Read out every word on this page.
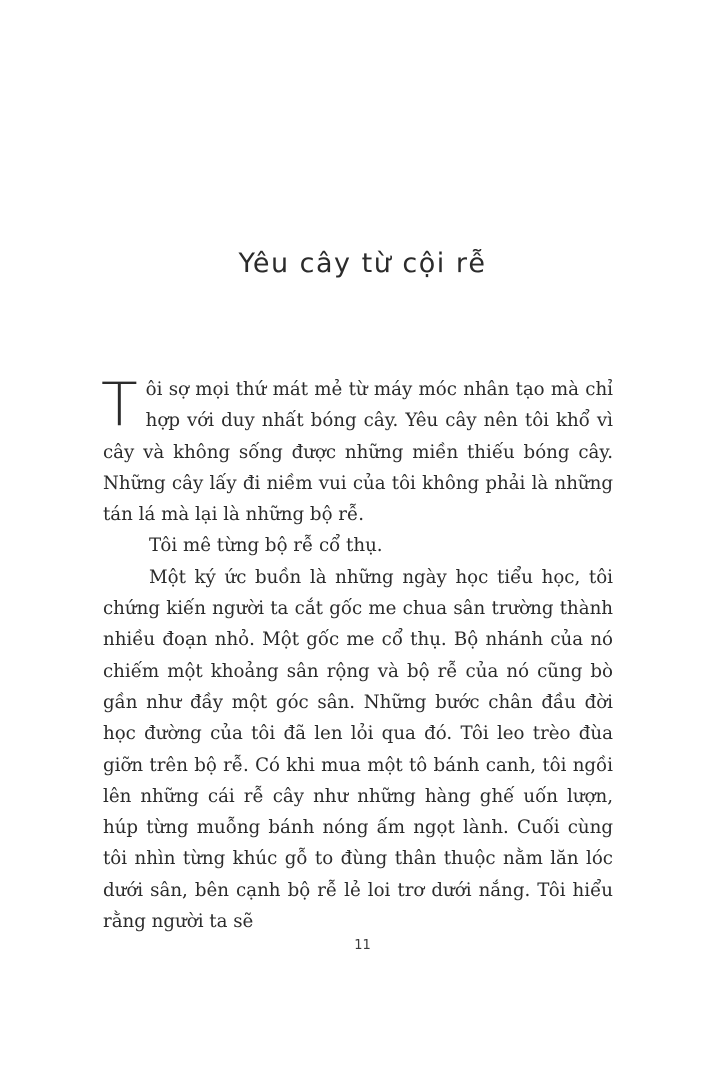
Yêu cây từ cội rễ

Tôi sợ mọi thứ mát mẻ từ máy móc nhân tạo mà chỉ hợp với duy nhất bóng cây. Yêu cây nên tôi khổ vì cây và không sống được những miền thiếu bóng cây. Những cây lấy đi niềm vui của tôi không phải là những tán lá mà lại là những bộ rễ.

Tôi mê từng bộ rễ cổ thụ.

Một ký ức buồn là những ngày học tiểu học, tôi chứng kiến người ta cắt gốc me chua sân trường thành nhiều đoạn nhỏ. Một gốc me cổ thụ. Bộ nhánh của nó chiếm một khoảng sân rộng và bộ rễ của nó cũng bò gần như đầy một góc sân. Những bước chân đầu đời học đường của tôi đã len lỏi qua đó. Tôi leo trèo đùa giỡn trên bộ rễ. Có khi mua một tô bánh canh, tôi ngồi lên những cái rễ cây như những hàng ghế uốn lượn, húp từng muỗng bánh nóng ấm ngọt lành. Cuối cùng tôi nhìn từng khúc gỗ to đùng thân thuộc nằm lăn lóc dưới sân, bên cạnh bộ rễ lẻ loi trơ dưới nắng. Tôi hiểu rằng người ta sẽ

11
